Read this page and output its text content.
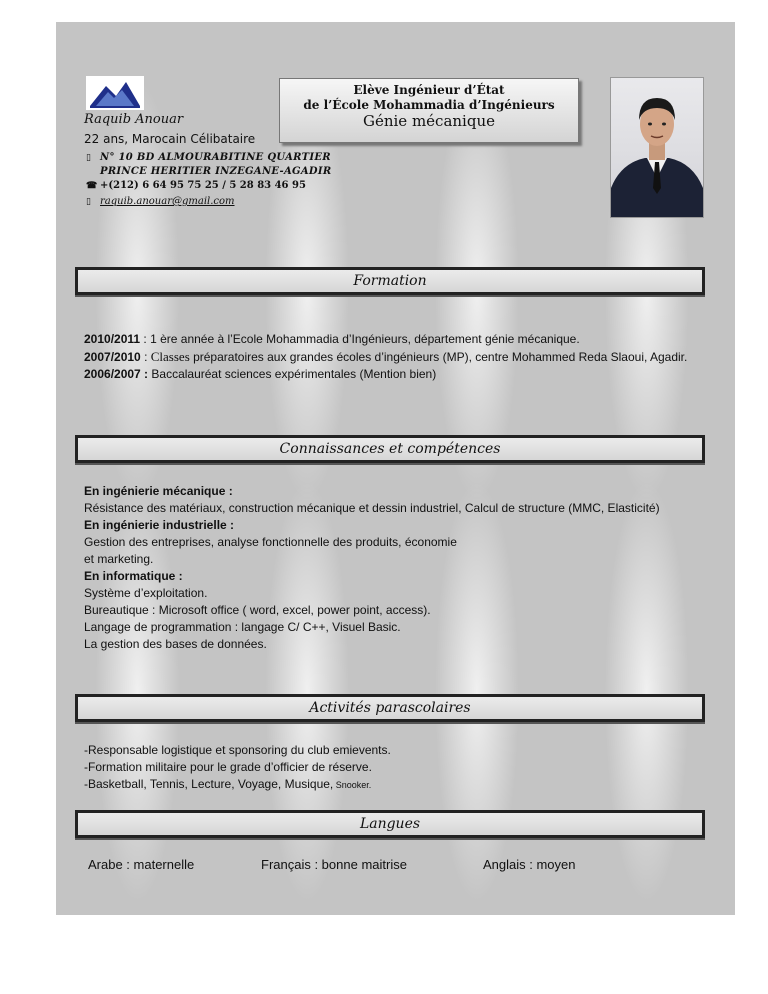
Raquib Anouar
22 ans, Marocain Célibataire
▯ N° 10 BD ALMOURABITINE QUARTIER
PRINCE HERITIER INZEGANE-AGADIR
☎ +(212) 6 64 95 75 25 / 5 28 83 46 95
▯ raquib.anouar@gmail.com
Elève Ingénieur d’État
de l’École Mohammadia d’Ingénieurs
Génie mécanique
Formation
2010/2011 : 1 ère année à l’Ecole Mohammadia d’Ingénieurs, département génie mécanique.
2007/2010 : Classes préparatoires aux grandes écoles d’ingénieurs (MP), centre Mohammed Reda Slaoui, Agadir.
2006/2007 : Baccalauréat sciences expérimentales (Mention bien)
Connaissances et compétences
En ingénierie mécanique :
Résistance des matériaux, construction mécanique et dessin industriel, Calcul de structure (MMC, Elasticité)
En ingénierie industrielle :
Gestion des entreprises, analyse fonctionnelle des produits, économie
et marketing.
En informatique :
Système d’exploitation.
Bureautique : Microsoft office ( word, excel, power point, access).
Langage de programmation : langage C/ C++, Visuel Basic.
La gestion des bases de données.
Activités parascolaires
-Responsable logistique et sponsoring du club emievents.
-Formation militaire pour le grade d’officier de réserve.
-Basketball, Tennis, Lecture, Voyage, Musique, Snooker.
Langues
Arabe : maternelle	Français : bonne maitrise	Anglais : moyen
